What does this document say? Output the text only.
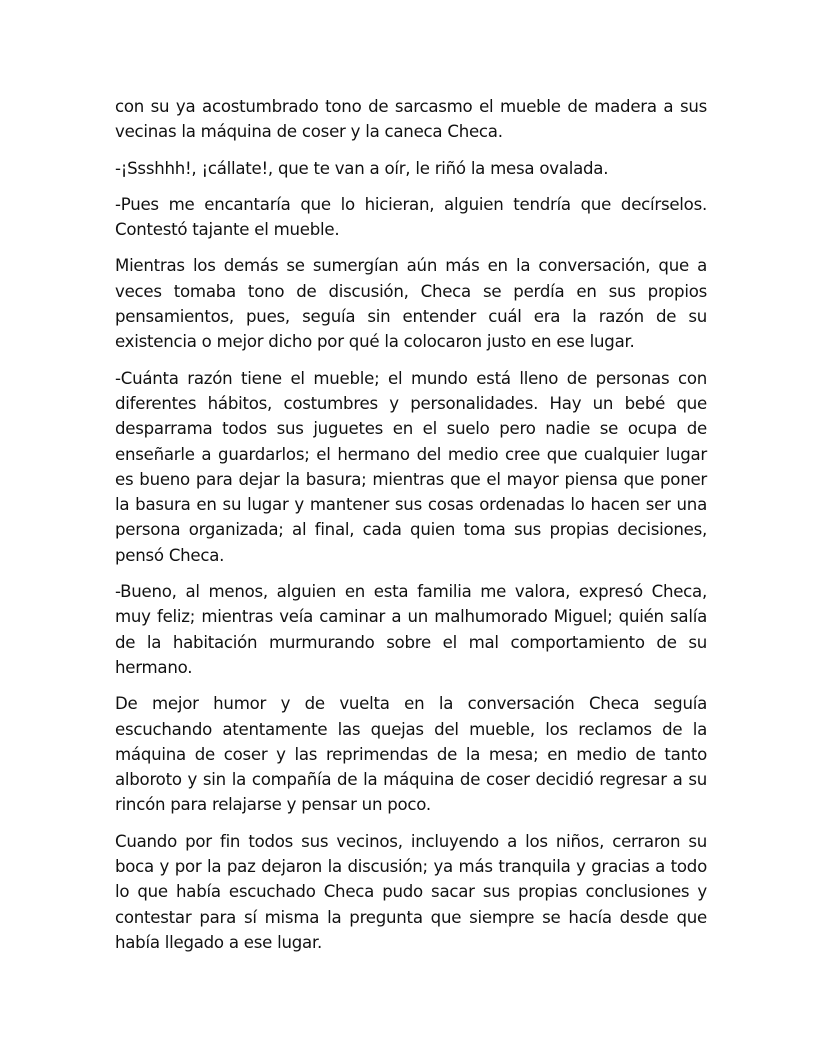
con su ya acostumbrado tono de sarcasmo el mueble de madera a sus vecinas la máquina de coser y la caneca Checa.

-¡Ssshhh!, ¡cállate!, que te van a oír, le riñó la mesa ovalada.

-Pues me encantaría que lo hicieran, alguien tendría que decírselos. Contestó tajante el mueble.

Mientras los demás se sumergían aún más en la conversación, que a veces tomaba tono de discusión, Checa se perdía en sus propios pensamientos, pues, seguía sin entender cuál era la razón de su existencia o mejor dicho por qué la colocaron justo en ese lugar.

-Cuánta razón tiene el mueble; el mundo está lleno de personas con diferentes hábitos, costumbres y personalidades. Hay un bebé que desparrama todos sus juguetes en el suelo pero nadie se ocupa de enseñarle a guardarlos; el hermano del medio cree que cualquier lugar es bueno para dejar la basura; mientras que el mayor piensa que poner la basura en su lugar y mantener sus cosas ordenadas lo hacen ser una persona organizada; al final, cada quien toma sus propias decisiones, pensó Checa.

-Bueno, al menos, alguien en esta familia me valora, expresó Checa, muy feliz; mientras veía caminar a un malhumorado Miguel; quién salía de la habitación murmurando sobre el mal comportamiento de su hermano.

De mejor humor y de vuelta en la conversación Checa seguía escuchando atentamente las quejas del mueble, los reclamos de la máquina de coser y las reprimendas de la mesa; en medio de tanto alboroto y sin la compañía de la máquina de coser decidió regresar a su rincón para relajarse y pensar un poco.

Cuando por fin todos sus vecinos, incluyendo a los niños, cerraron su boca y por la paz dejaron la discusión; ya más tranquila y gracias a todo lo que había escuchado Checa pudo sacar sus propias conclusiones y contestar para sí misma la pregunta que siempre se hacía desde que había llegado a ese lugar.
